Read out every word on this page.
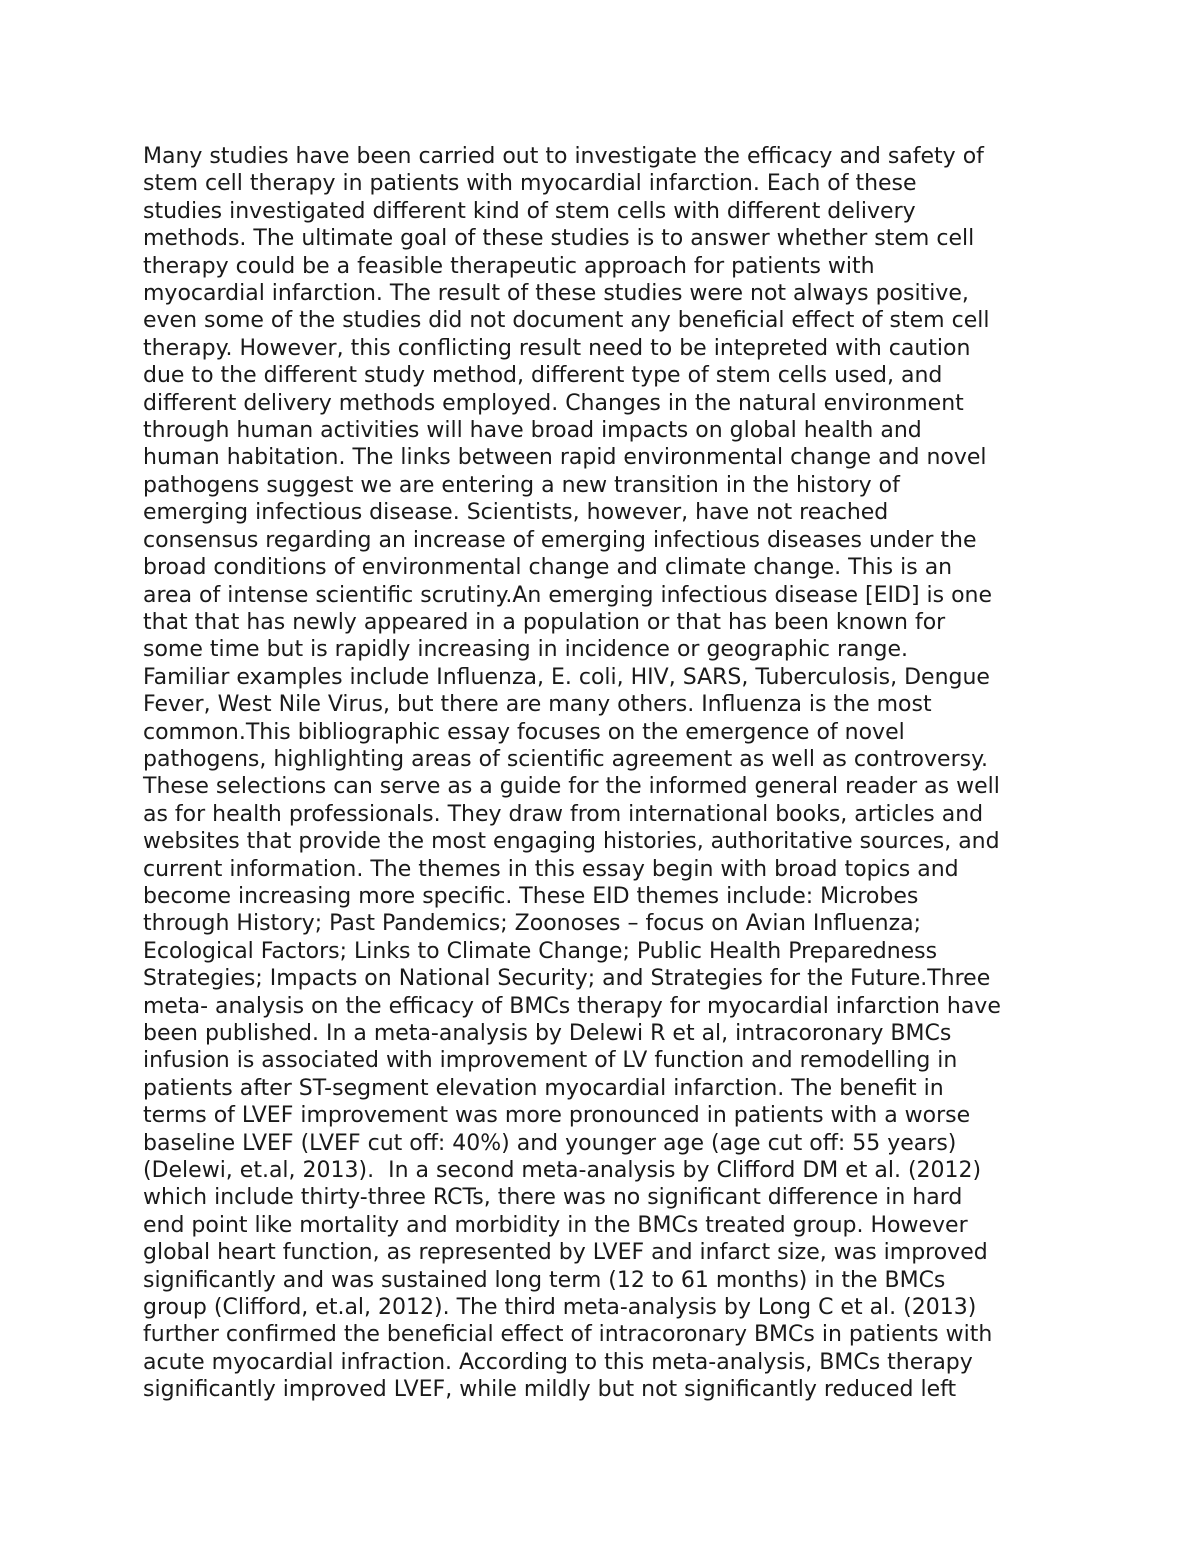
Many studies have been carried out to investigate the efficacy and safety of
stem cell therapy in patients with myocardial infarction. Each of these
studies investigated different kind of stem cells with different delivery
methods. The ultimate goal of these studies is to answer whether stem cell
therapy could be a feasible therapeutic approach for patients with
myocardial infarction. The result of these studies were not always positive,
even some of the studies did not document any beneficial effect of stem cell
therapy. However, this conflicting result need to be intepreted with caution
due to the different study method, different type of stem cells used, and
different delivery methods employed. Changes in the natural environment
through human activities will have broad impacts on global health and
human habitation. The links between rapid environmental change and novel
pathogens suggest we are entering a new transition in the history of
emerging infectious disease. Scientists, however, have not reached
consensus regarding an increase of emerging infectious diseases under the
broad conditions of environmental change and climate change. This is an
area of intense scientific scrutiny.An emerging infectious disease [EID] is one
that that has newly appeared in a population or that has been known for
some time but is rapidly increasing in incidence or geographic range.
Familiar examples include Influenza, E. coli, HIV, SARS, Tuberculosis, Dengue
Fever, West Nile Virus, but there are many others. Influenza is the most
common.This bibliographic essay focuses on the emergence of novel
pathogens, highlighting areas of scientific agreement as well as controversy.
These selections can serve as a guide for the informed general reader as well
as for health professionals. They draw from international books, articles and
websites that provide the most engaging histories, authoritative sources, and
current information. The themes in this essay begin with broad topics and
become increasing more specific. These EID themes include: Microbes
through History; Past Pandemics; Zoonoses – focus on Avian Influenza;
Ecological Factors; Links to Climate Change; Public Health Preparedness
Strategies; Impacts on National Security; and Strategies for the Future.Three
meta- analysis on the efficacy of BMCs therapy for myocardial infarction have
been published. In a meta-analysis by Delewi R et al, intracoronary BMCs
infusion is associated with improvement of LV function and remodelling in
patients after ST-segment elevation myocardial infarction. The benefit in
terms of LVEF improvement was more pronounced in patients with a worse
baseline LVEF (LVEF cut off: 40%) and younger age (age cut off: 55 years)
(Delewi, et.al, 2013).  In a second meta-analysis by Clifford DM et al. (2012)
which include thirty-three RCTs, there was no significant difference in hard
end point like mortality and morbidity in the BMCs treated group. However
global heart function, as represented by LVEF and infarct size, was improved
significantly and was sustained long term (12 to 61 months) in the BMCs
group (Clifford, et.al, 2012). The third meta-analysis by Long C et al. (2013)
further confirmed the beneficial effect of intracoronary BMCs in patients with
acute myocardial infraction. According to this meta-analysis, BMCs therapy
significantly improved LVEF, while mildly but not significantly reduced left
